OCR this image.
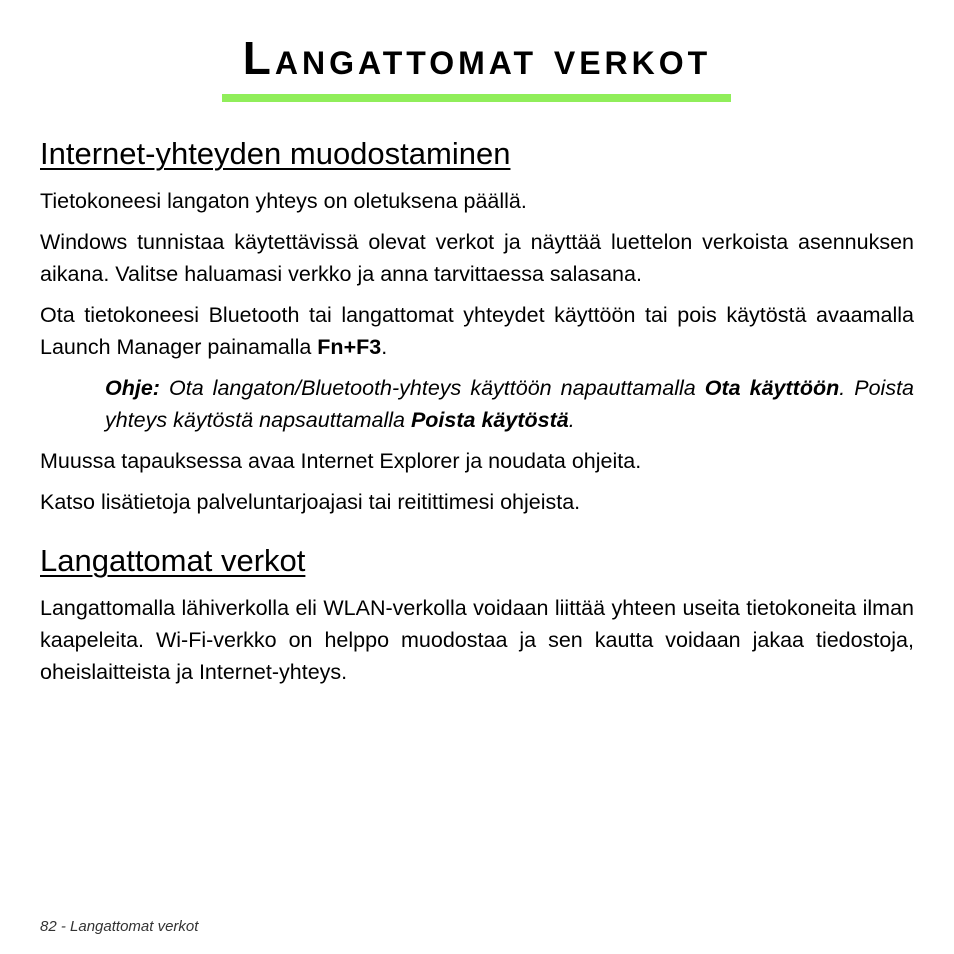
Langattomat verkot
Internet-yhteyden muodostaminen

Tietokoneesi langaton yhteys on oletuksena päällä.

Windows tunnistaa käytettävissä olevat verkot ja näyttää luettelon verkoista asennuksen aikana. Valitse haluamasi verkko ja anna tarvittaessa salasana.

Ota tietokoneesi Bluetooth tai langattomat yhteydet käyttöön tai pois käytöstä avaamalla Launch Manager painamalla Fn+F3.

Ohje: Ota langaton/Bluetooth-yhteys käyttöön napauttamalla Ota käyttöön. Poista yhteys käytöstä napsauttamalla Poista käytöstä.

Muussa tapauksessa avaa Internet Explorer ja noudata ohjeita.

Katso lisätietoja palveluntarjoajasi tai reitittimesi ohjeista.

Langattomat verkot

Langattomalla lähiverkolla eli WLAN-verkolla voidaan liittää yhteen useita tietokoneita ilman kaapeleita. Wi-Fi-verkko on helppo muodostaa ja sen kautta voidaan jakaa tiedostoja, oheislaitteista ja Internet-yhteys.

82 - Langattomat verkot
